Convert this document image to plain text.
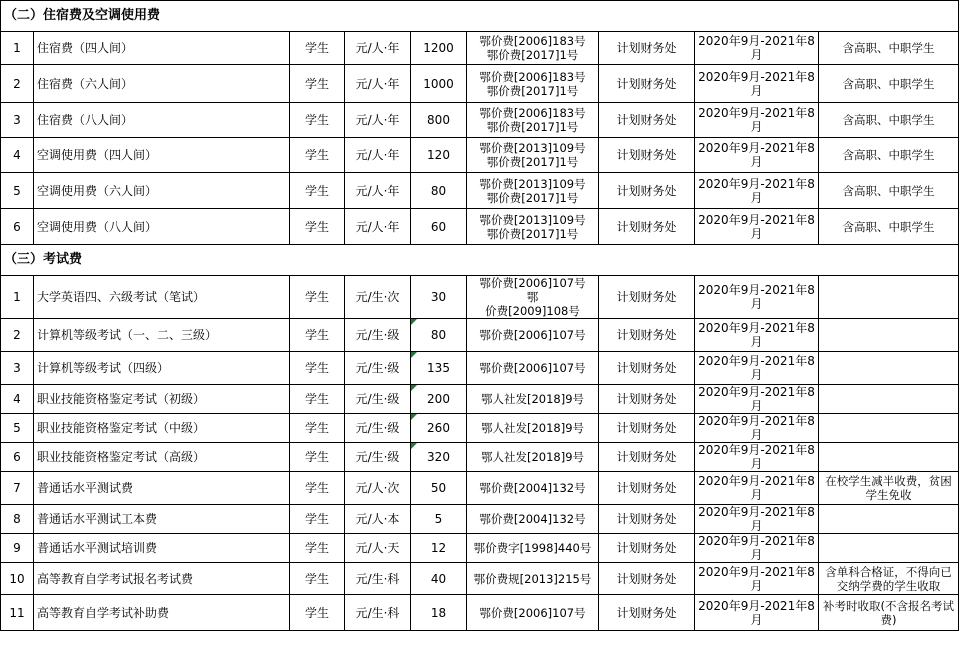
（二）住宿费及空调使用费								
1	住宿费（四人间）	学生	元/人·年	1200	鄂价费[2006]183号
鄂价费[2017]1号	计划财务处	2020年9月-2021年8月	含高职、中职学生
2	住宿费（六人间）	学生	元/人·年	1000	鄂价费[2006]183号
鄂价费[2017]1号	计划财务处	2020年9月-2021年8月	含高职、中职学生
3	住宿费（八人间）	学生	元/人·年	800	鄂价费[2006]183号
鄂价费[2017]1号	计划财务处	2020年9月-2021年8月	含高职、中职学生
4	空调使用费（四人间）	学生	元/人·年	120	鄂价费[2013]109号
鄂价费[2017]1号	计划财务处	2020年9月-2021年8月	含高职、中职学生
5	空调使用费（六人间）	学生	元/人·年	80	鄂价费[2013]109号
鄂价费[2017]1号	计划财务处	2020年9月-2021年8月	含高职、中职学生
6	空调使用费（八人间）	学生	元/人·年	60	鄂价费[2013]109号
鄂价费[2017]1号	计划财务处	2020年9月-2021年8月	含高职、中职学生
（三）考试费								
1	大学英语四、六级考试（笔试）	学生	元/生·次	30	鄂价费[2006]107号　鄂
价费[2009]108号	计划财务处	2020年9月-2021年8月	
2	计算机等级考试（一、二、三级）	学生	元/生·级	80	鄂价费[2006]107号	计划财务处	2020年9月-2021年8月	
3	计算机等级考试（四级）	学生	元/生·级	135	鄂价费[2006]107号	计划财务处	2020年9月-2021年8月	
4	职业技能资格鉴定考试（初级）	学生	元/生·级	200	鄂人社发[2018]9号	计划财务处	2020年9月-2021年8月	
5	职业技能资格鉴定考试（中级）	学生	元/生·级	260	鄂人社发[2018]9号	计划财务处	2020年9月-2021年8月	
6	职业技能资格鉴定考试（高级）	学生	元/生·级	320	鄂人社发[2018]9号	计划财务处	2020年9月-2021年8月	
7	普通话水平测试费	学生	元/人·次	50	鄂价费[2004]132号	计划财务处	2020年9月-2021年8月	在校学生减半收费，贫困学生免收
8	普通话水平测试工本费	学生	元/人·本	5	鄂价费[2004]132号	计划财务处	2020年9月-2021年8月	
9	普通话水平测试培训费	学生	元/人·天	12	鄂价费字[1998]440号	计划财务处	2020年9月-2021年8月	
10	高等教育自学考试报名考试费	学生	元/生·科	40	鄂价费规[2013]215号	计划财务处	2020年9月-2021年8月	含单科合格证，不得向已交纳学费的学生收取
11	高等教育自学考试补助费	学生	元/生·科	18	鄂价费[2006]107号	计划财务处	2020年9月-2021年8月	补考时收取(不含报名考试费)
